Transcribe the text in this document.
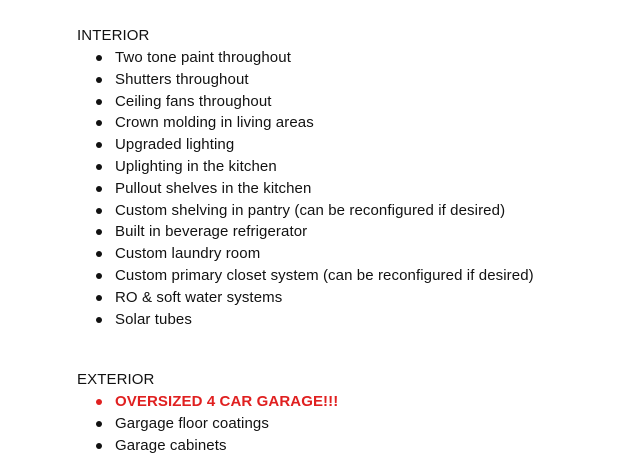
INTERIOR
Two tone paint throughout
Shutters throughout
Ceiling fans throughout
Crown molding in living areas
Upgraded lighting
Uplighting in the kitchen
Pullout shelves in the kitchen
Custom shelving in pantry (can be reconfigured if desired)
Built in beverage refrigerator
Custom laundry room
Custom primary closet system (can be reconfigured if desired)
RO & soft water systems
Solar tubes
EXTERIOR
OVERSIZED 4 CAR GARAGE!!!
Gargage floor coatings
Garage cabinets
